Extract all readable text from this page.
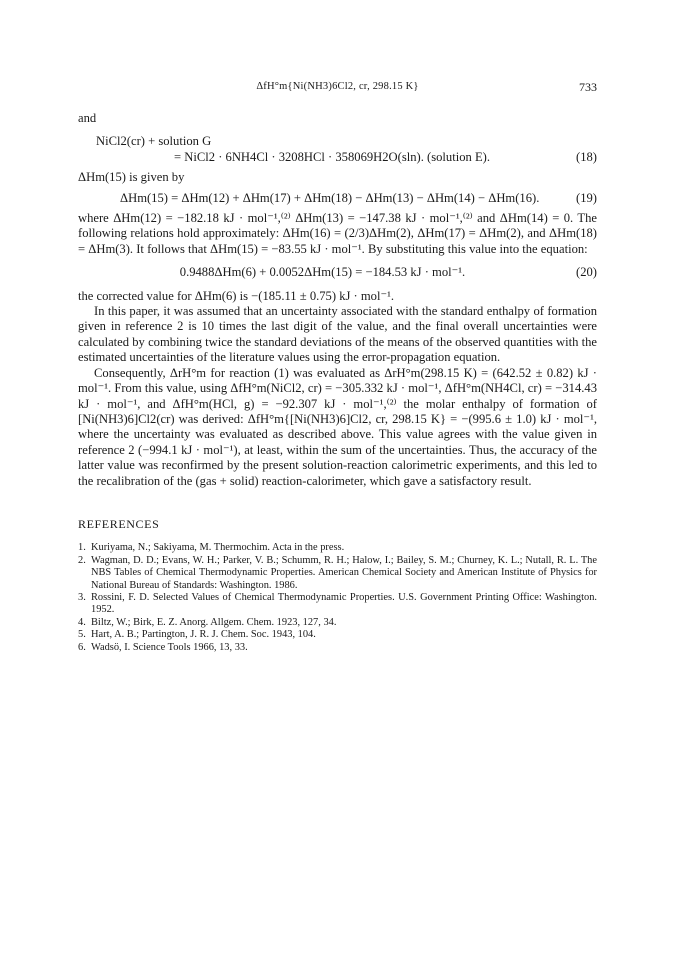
ΔfH°m{Ni(NH3)6Cl2, cr, 298.15 K}	733

and

NiCl2(cr) + solution G

= NiCl2 · 6NH4Cl · 3208HCl · 358069H2O(sln). (solution E).	(18)

ΔHm(15) is given by

ΔHm(15) = ΔHm(12) + ΔHm(17) + ΔHm(18) − ΔHm(13) − ΔHm(14) − ΔHm(16).	(19)

where ΔHm(12) = −182.18 kJ · mol⁻¹,⁽²⁾ ΔHm(13) = −147.38 kJ · mol⁻¹,⁽²⁾ and ΔHm(14) = 0. The following relations hold approximately: ΔHm(16) = (2/3)ΔHm(2), ΔHm(17) = ΔHm(2), and ΔHm(18) = ΔHm(3). It follows that ΔHm(15) = −83.55 kJ · mol⁻¹. By substituting this value into the equation:

0.9488ΔHm(6) + 0.0052ΔHm(15) = −184.53 kJ · mol⁻¹.	(20)

the corrected value for ΔHm(6) is −(185.11 ± 0.75) kJ · mol⁻¹.

In this paper, it was assumed that an uncertainty associated with the standard enthalpy of formation given in reference 2 is 10 times the last digit of the value, and the final overall uncertainties were calculated by combining twice the standard deviations of the means of the observed quantities with the estimated uncertainties of the literature values using the error-propagation equation.

Consequently, ΔrH°m for reaction (1) was evaluated as ΔrH°m(298.15 K) = (642.52 ± 0.82) kJ · mol⁻¹. From this value, using ΔfH°m(NiCl2, cr) = −305.332 kJ · mol⁻¹, ΔfH°m(NH4Cl, cr) = −314.43 kJ · mol⁻¹, and ΔfH°m(HCl, g) = −92.307 kJ · mol⁻¹,⁽²⁾ the molar enthalpy of formation of [Ni(NH3)6]Cl2(cr) was derived: ΔfH°m{[Ni(NH3)6]Cl2, cr, 298.15 K} = −(995.6 ± 1.0) kJ · mol⁻¹, where the uncertainty was evaluated as described above. This value agrees with the value given in reference 2 (−994.1 kJ · mol⁻¹), at least, within the sum of the uncertainties. Thus, the accuracy of the latter value was reconfirmed by the present solution-reaction calorimetric experiments, and this led to the recalibration of the (gas + solid) reaction-calorimeter, which gave a satisfactory result.

REFERENCES
1. Kuriyama, N.; Sakiyama, M. Thermochim. Acta in the press.
2. Wagman, D. D.; Evans, W. H.; Parker, V. B.; Schumm, R. H.; Halow, I.; Bailey, S. M.; Churney, K. L.; Nutall, R. L. The NBS Tables of Chemical Thermodynamic Properties. American Chemical Society and American Institute of Physics for National Bureau of Standards: Washington. 1986.
3. Rossini, F. D. Selected Values of Chemical Thermodynamic Properties. U.S. Government Printing Office: Washington. 1952.
4. Biltz, W.; Birk, E. Z. Anorg. Allgem. Chem. 1923, 127, 34.
5. Hart, A. B.; Partington, J. R. J. Chem. Soc. 1943, 104.
6. Wadsö, I. Science Tools 1966, 13, 33.
